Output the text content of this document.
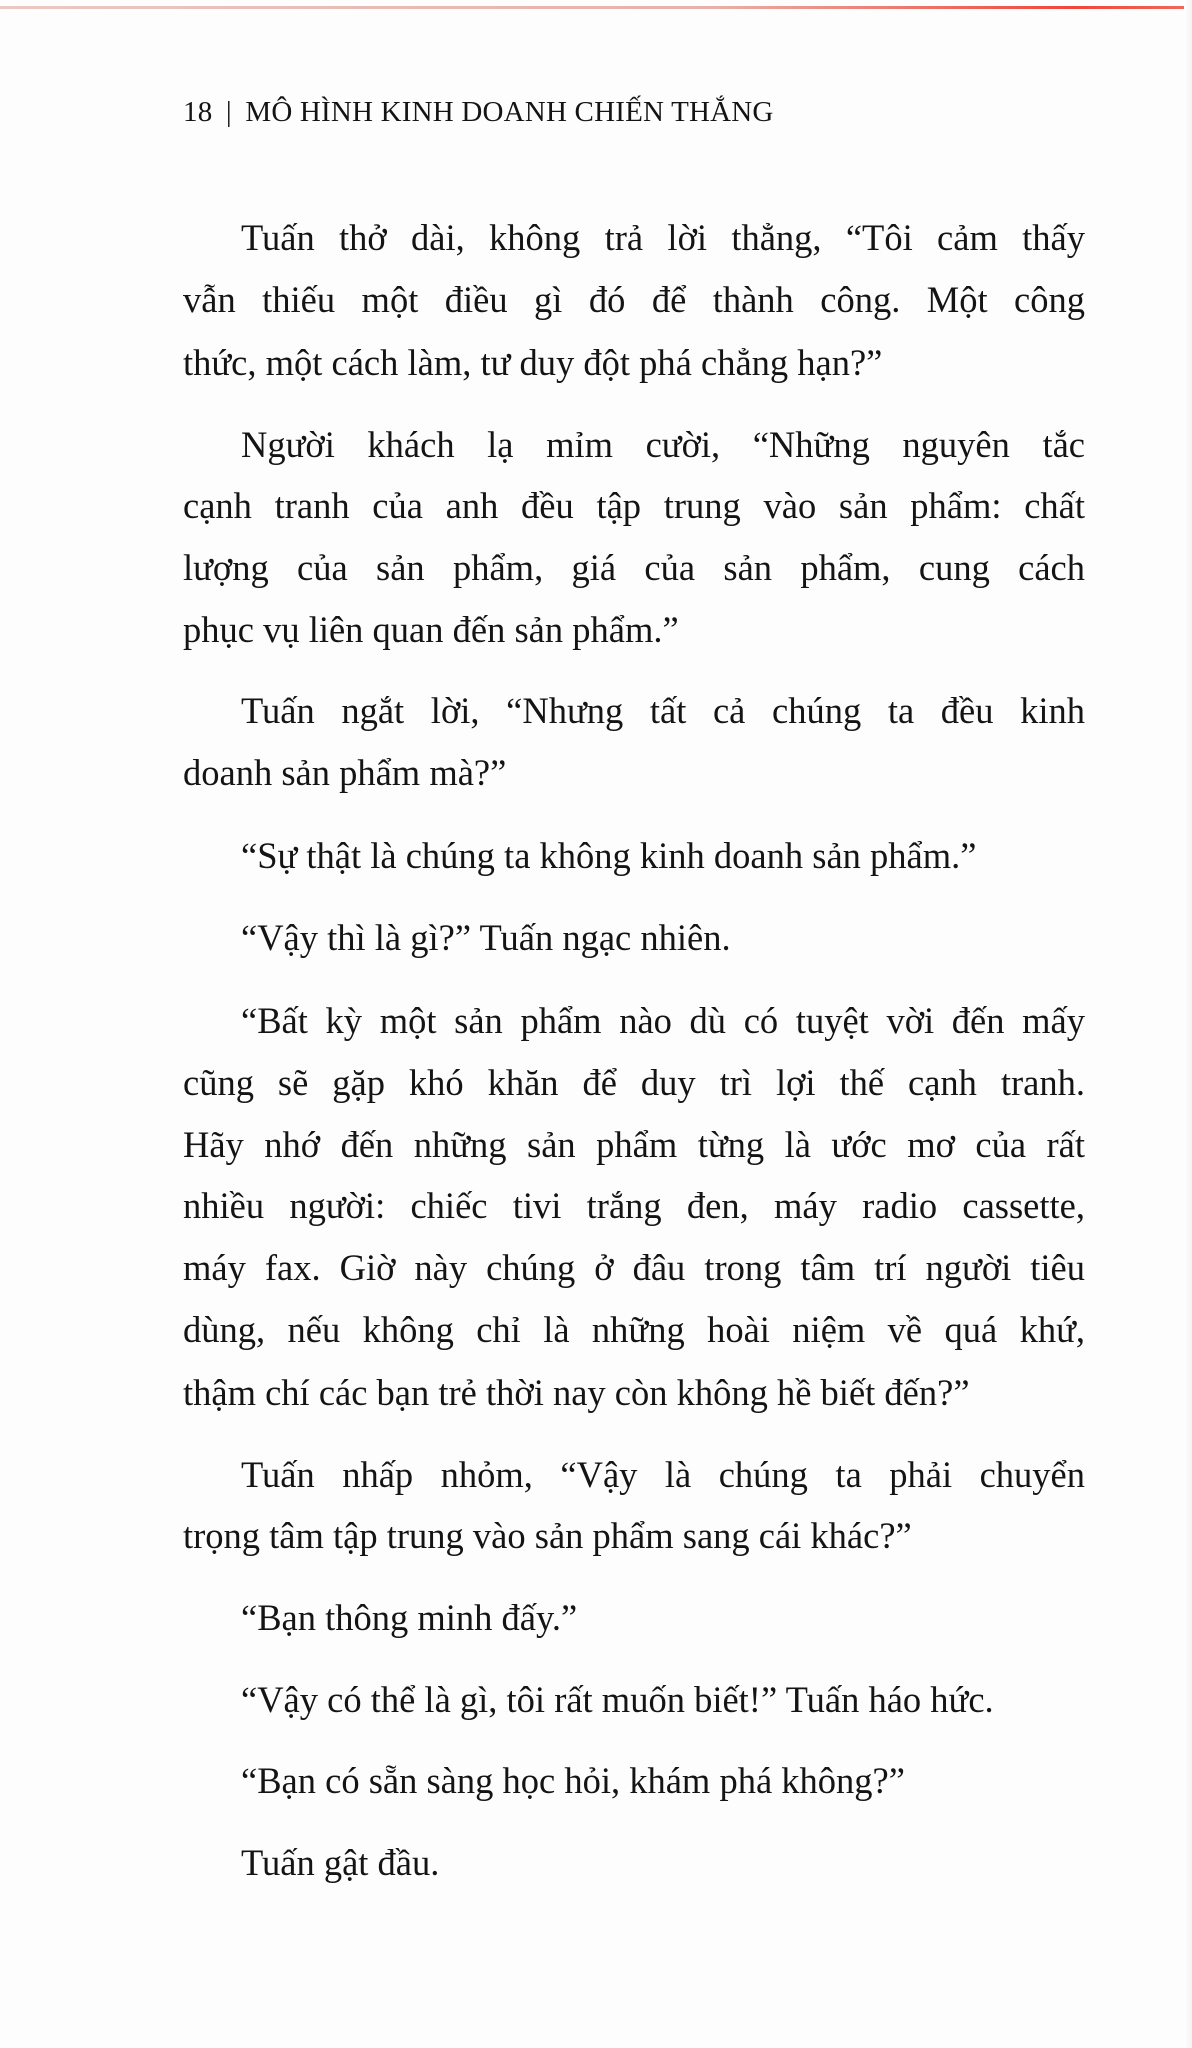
18 | MÔ HÌNH KINH DOANH CHIẾN THẮNG
Tuấn thở dài, không trả lời thẳng, “Tôi cảm thấy
vẫn thiếu một điều gì đó để thành công. Một công
thức, một cách làm, tư duy đột phá chẳng hạn?”
Người khách lạ mỉm cười, “Những nguyên tắc
cạnh tranh của anh đều tập trung vào sản phẩm: chất
lượng của sản phẩm, giá của sản phẩm, cung cách
phục vụ liên quan đến sản phẩm.”
Tuấn ngắt lời, “Nhưng tất cả chúng ta đều kinh
doanh sản phẩm mà?”
“Sự thật là chúng ta không kinh doanh sản phẩm.”
“Vậy thì là gì?” Tuấn ngạc nhiên.
“Bất kỳ một sản phẩm nào dù có tuyệt vời đến mấy
cũng sẽ gặp khó khăn để duy trì lợi thế cạnh tranh.
Hãy nhớ đến những sản phẩm từng là ước mơ của rất
nhiều người: chiếc tivi trắng đen, máy radio cassette,
máy fax. Giờ này chúng ở đâu trong tâm trí người tiêu
dùng, nếu không chỉ là những hoài niệm về quá khứ,
thậm chí các bạn trẻ thời nay còn không hề biết đến?”
Tuấn nhấp nhỏm, “Vậy là chúng ta phải chuyển
trọng tâm tập trung vào sản phẩm sang cái khác?”
“Bạn thông minh đấy.”
“Vậy có thể là gì, tôi rất muốn biết!” Tuấn háo hức.
“Bạn có sẵn sàng học hỏi, khám phá không?”
Tuấn gật đầu.
